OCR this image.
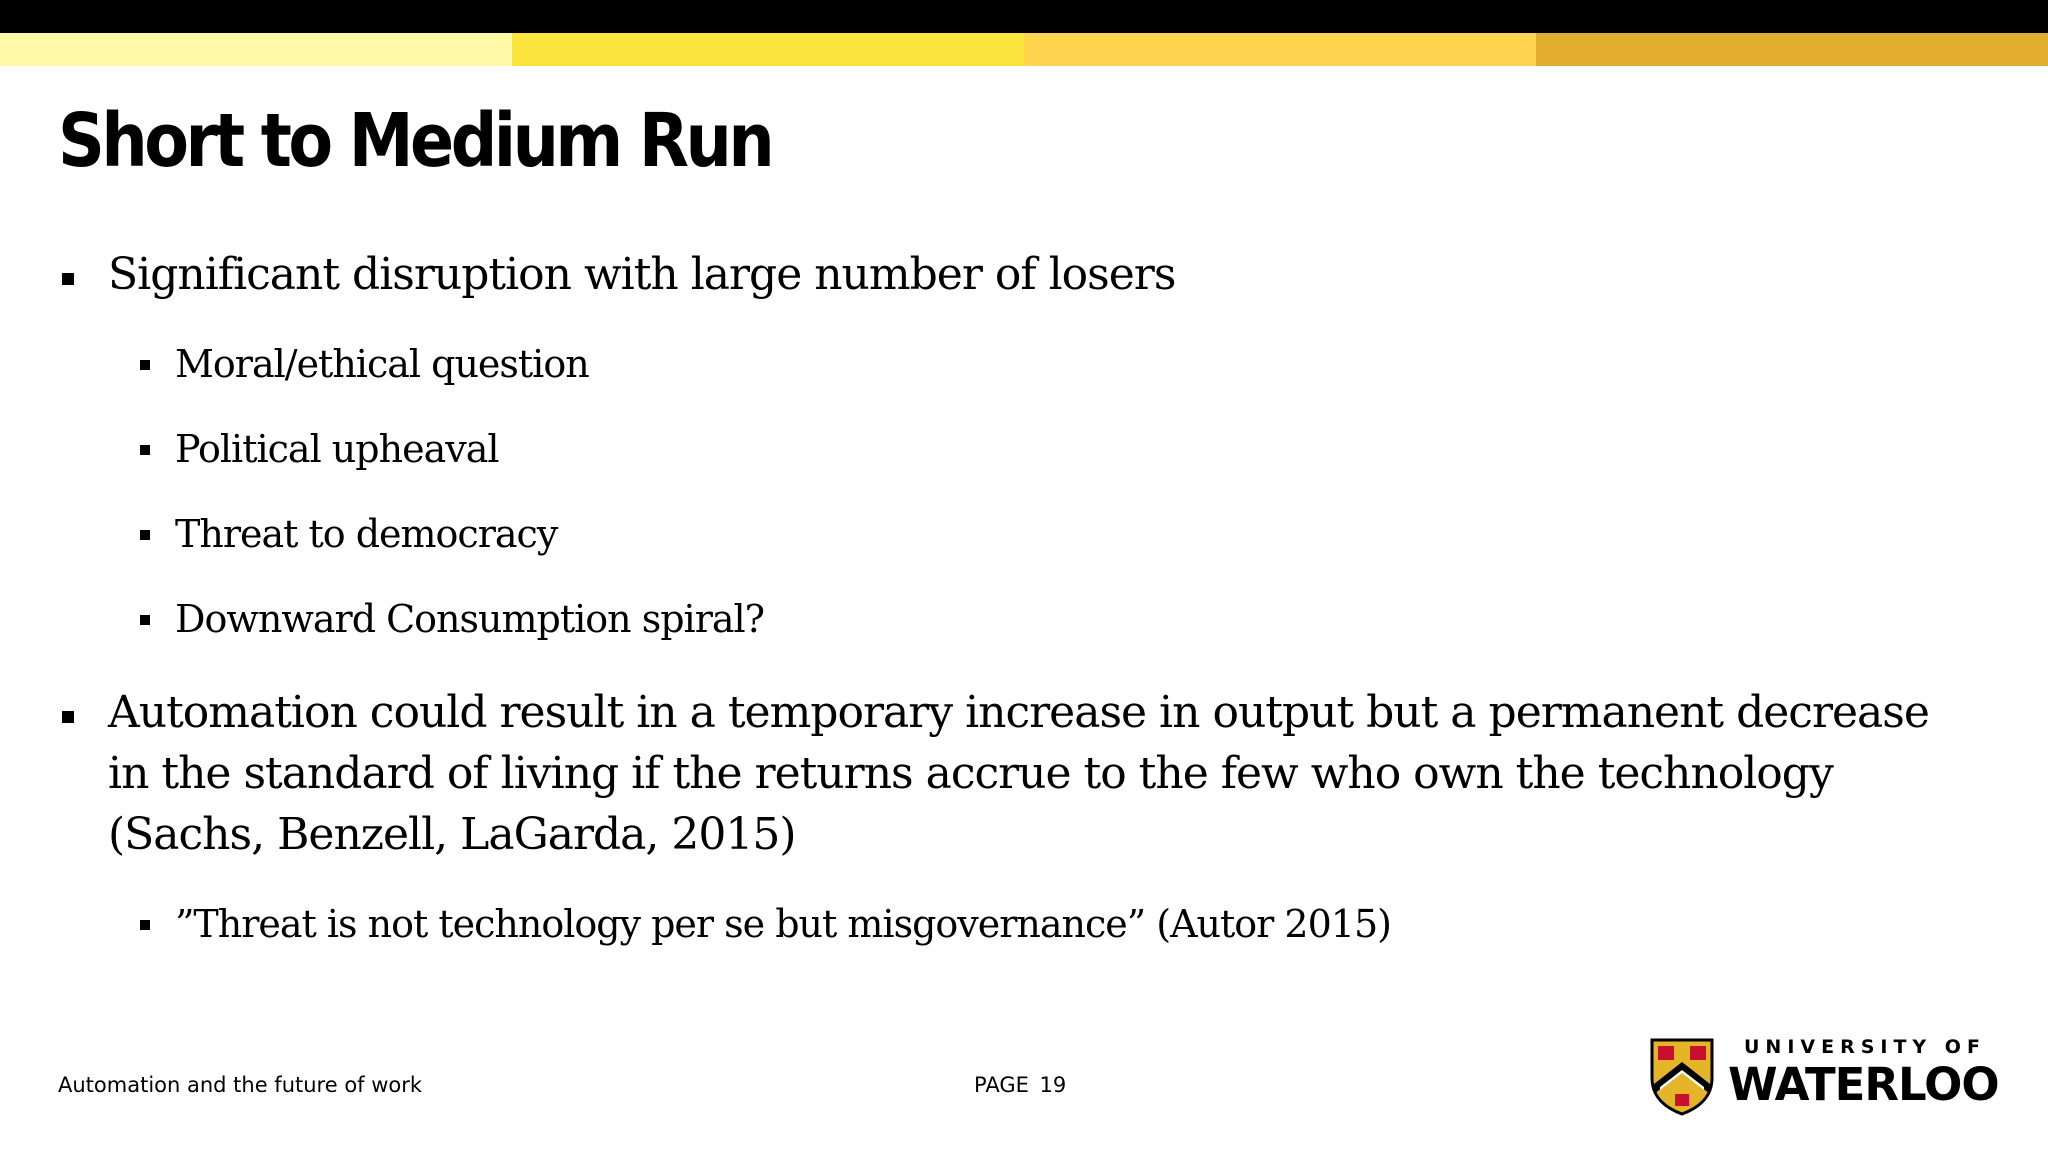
Short to Medium Run
Significant disruption with large number of losers
Moral/ethical question
Political upheaval
Threat to democracy
Downward Consumption spiral?
Automation could result in a temporary increase in output but a permanent decrease in the standard of living if the returns accrue to the few who own the technology (Sachs, Benzell, LaGarda, 2015)
”Threat is not technology per se but misgovernance” (Autor 2015)
Automation and the future of work	PAGE 19
UNIVERSITY OF
WATERLOO
